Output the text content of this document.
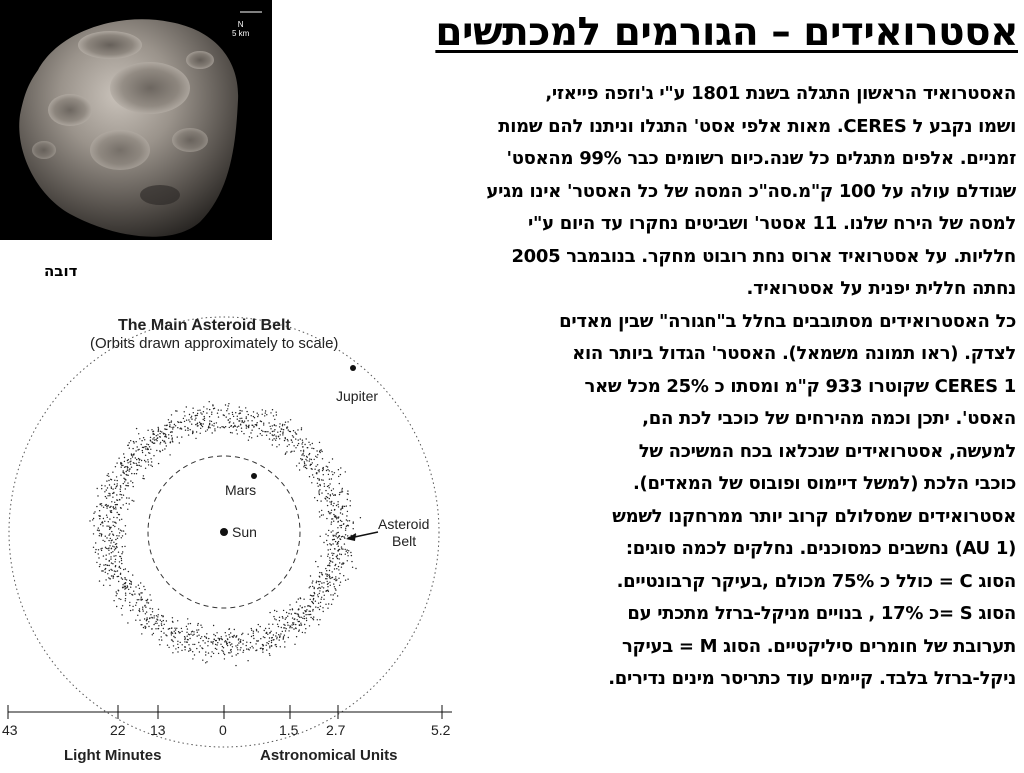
N
5 km
דובה
אסטרואידים – הגורמים למכתשים
The Main Asteroid Belt
(Orbits drawn approximately to scale)
Jupiter
Mars
Sun	Asteroid
Belt
43	22 13	0	1.5 2.7	5.2
Light Minutes	Astronomical Units
האסטרואיד הראשון התגלה בשנת 1801 ע"י ג'וזפה פייאזי,
ושמו נקבע ל CERES. מאות אלפי אסט' התגלו וניתנו להם שמות
זמניים. אלפים מתגלים כל שנה.כיום רשומים כבר 99% מהאסט'
שגודלם עולה על 100 ק"מ.סה"כ המסה של כל האסטר' אינו מגיע
למסה של הירח שלנו. 11 אסטר' ושביטים נחקרו עד היום ע"י
חלליות. על אסטרואיד ארוס נחת רובוט מחקר. בנובמבר 2005
נחתה חללית יפנית על אסטרואיד.
כל האסטרואידים מסתובבים בחלל ב"חגורה" שבין מאדים
לצדק. (ראו תמונה משמאל). האסטר' הגדול ביותר הוא
CERES 1 שקוטרו 933 ק"מ ומסתו כ 25% מכל שאר
האסט'. יתכן וכמה מהירחים של כוכבי לכת הם,
למעשה, אסטרואידים שנכלאו בכח המשיכה של
כוכבי הלכת (למשל דיימוס ופובוס של המאדים).
אסטרואידים שמסלולם קרוב יותר ממרחקנו לשמש
(AU 1) נחשבים כמסוכנים. נחלקים לכמה סוגים:
הסוג C = כולל כ 75% מכולם ,בעיקר קרבונטיים.
הסוג S =כ 17% , בנויים מניקל-ברזל מתכתי עם
תערובת של חומרים סיליקטיים. הסוג M = בעיקר
ניקל-ברזל בלבד. קיימים עוד כתריסר מינים נדירים.
